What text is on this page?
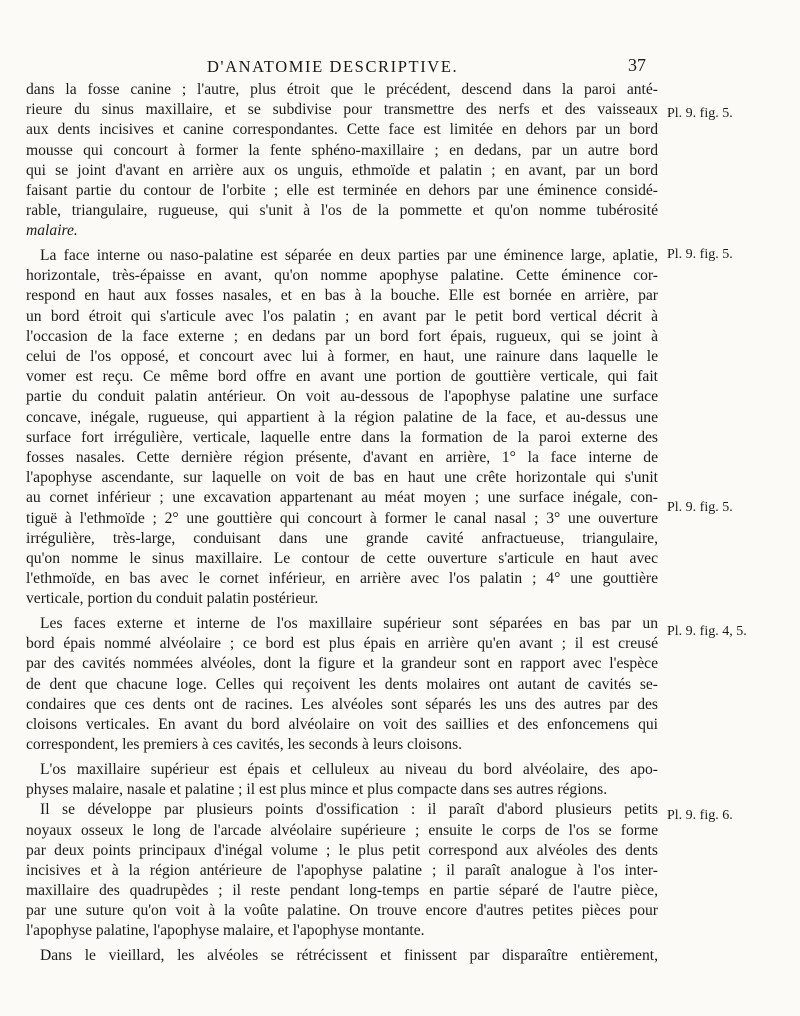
D'ANATOMIE DESCRIPTIVE.	37
dans la fosse canine ; l'autre, plus étroit que le précédent, descend dans la paroi anté-
rieure du sinus maxillaire, et se subdivise pour transmettre des nerfs et des vaisseaux
aux dents incisives et canine correspondantes. Cette face est limitée en dehors par un bord
mousse qui concourt à former la fente sphéno-maxillaire ; en dedans, par un autre bord
qui se joint d'avant en arrière aux os unguis, ethmoïde et palatin ; en avant, par un bord
faisant partie du contour de l'orbite ; elle est terminée en dehors par une éminence considé-
rable, triangulaire, rugueuse, qui s'unit à l'os de la pommette et qu'on nomme tubérosité
malaire.
La face interne ou naso-palatine est séparée en deux parties par une éminence large, aplatie,
horizontale, très-épaisse en avant, qu'on nomme apophyse palatine. Cette éminence cor-
respond en haut aux fosses nasales, et en bas à la bouche. Elle est bornée en arrière, par
un bord étroit qui s'articule avec l'os palatin ; en avant par le petit bord vertical décrit à
l'occasion de la face externe ; en dedans par un bord fort épais, rugueux, qui se joint à
celui de l'os opposé, et concourt avec lui à former, en haut, une rainure dans laquelle le
vomer est reçu. Ce même bord offre en avant une portion de gouttière verticale, qui fait
partie du conduit palatin antérieur. On voit au-dessous de l'apophyse palatine une surface
concave, inégale, rugueuse, qui appartient à la région palatine de la face, et au-dessus une
surface fort irrégulière, verticale, laquelle entre dans la formation de la paroi externe des
fosses nasales. Cette dernière région présente, d'avant en arrière, 1° la face interne de
l'apophyse ascendante, sur laquelle on voit de bas en haut une crête horizontale qui s'unit
au cornet inférieur ; une excavation appartenant au méat moyen ; une surface inégale, con-
tiguë à l'ethmoïde ; 2° une gouttière qui concourt à former le canal nasal ; 3° une ouverture
irrégulière, très-large, conduisant dans une grande cavité anfractueuse, triangulaire,
qu'on nomme le sinus maxillaire. Le contour de cette ouverture s'articule en haut avec
l'ethmoïde, en bas avec le cornet inférieur, en arrière avec l'os palatin ; 4° une gouttière
verticale, portion du conduit palatin postérieur.
Les faces externe et interne de l'os maxillaire supérieur sont séparées en bas par un
bord épais nommé alvéolaire ; ce bord est plus épais en arrière qu'en avant ; il est creusé
par des cavités nommées alvéoles, dont la figure et la grandeur sont en rapport avec l'espèce
de dent que chacune loge. Celles qui reçoivent les dents molaires ont autant de cavités se-
condaires que ces dents ont de racines. Les alvéoles sont séparés les uns des autres par des
cloisons verticales. En avant du bord alvéolaire on voit des saillies et des enfoncemens qui
correspondent, les premiers à ces cavités, les seconds à leurs cloisons.
L'os maxillaire supérieur est épais et celluleux au niveau du bord alvéolaire, des apo-
physes malaire, nasale et palatine ; il est plus mince et plus compacte dans ses autres régions.
Il se développe par plusieurs points d'ossification : il paraît d'abord plusieurs petits
noyaux osseux le long de l'arcade alvéolaire supérieure ; ensuite le corps de l'os se forme
par deux points principaux d'inégal volume ; le plus petit correspond aux alvéoles des dents
incisives et à la région antérieure de l'apophyse palatine ; il paraît analogue à l'os inter-
maxillaire des quadrupèdes ; il reste pendant long-temps en partie séparé de l'autre pièce,
par une suture qu'on voit à la voûte palatine. On trouve encore d'autres petites pièces pour
l'apophyse palatine, l'apophyse malaire, et l'apophyse montante.
Dans le vieillard, les alvéoles se rétrécissent et finissent par disparaître entièrement,
Pl. 9. fig. 5.
Pl. 9. fig. 5.
Pl. 9. fig. 5.
Pl. 9. fig. 4, 5.
Pl. 9. fig. 6.
